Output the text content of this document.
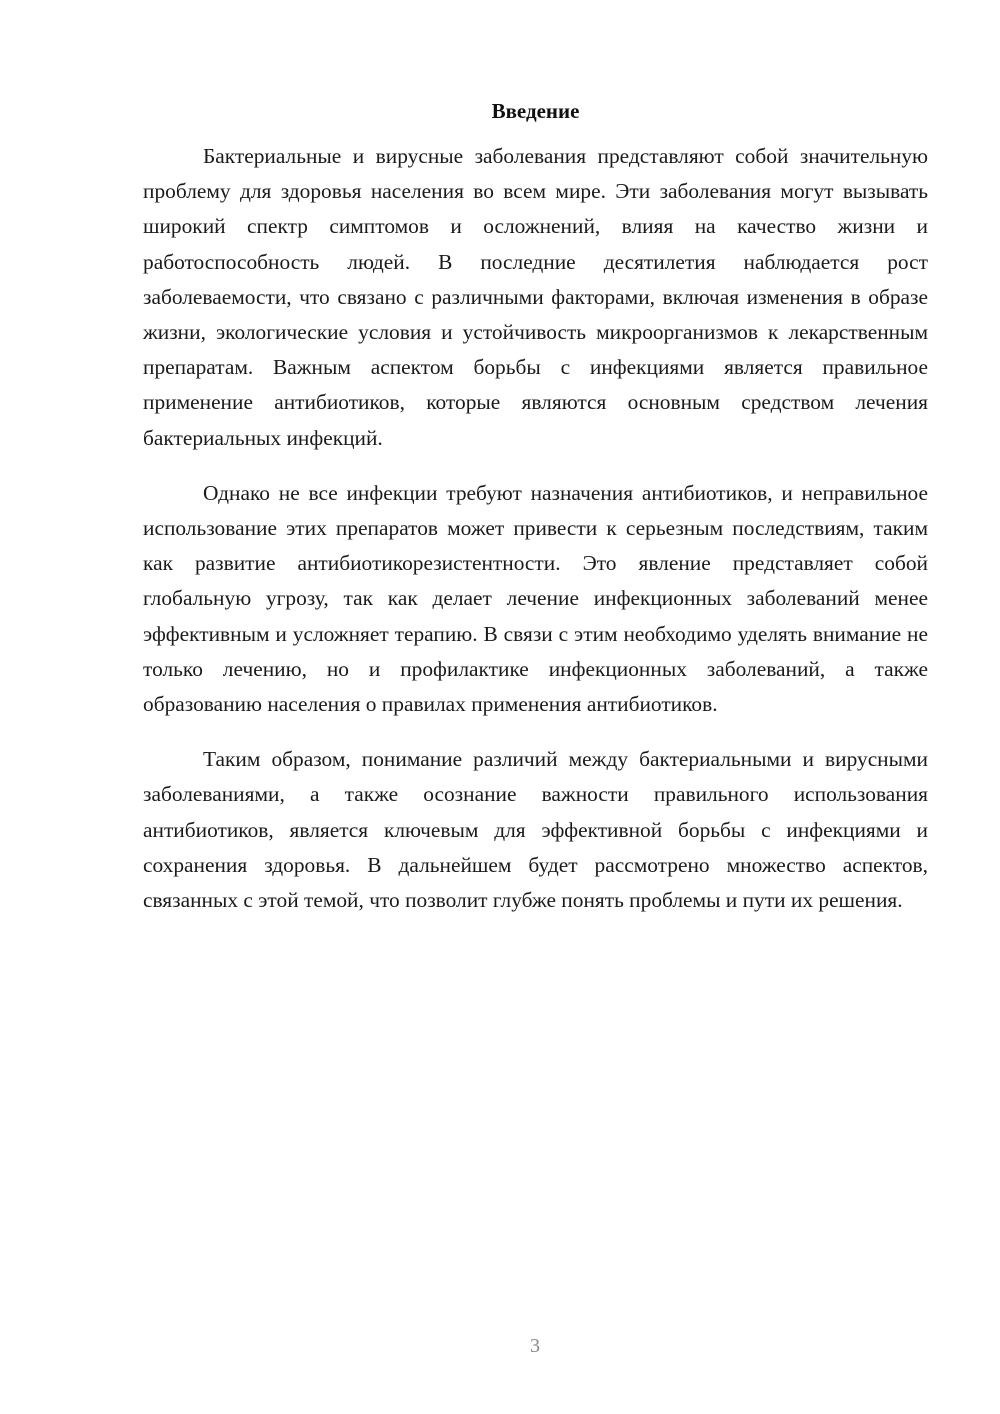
Введение

Бактериальные и вирусные заболевания представляют собой значительную проблему для здоровья населения во всем мире. Эти заболевания могут вызывать широкий спектр симптомов и осложнений, влияя на качество жизни и работоспособность людей. В последние десятилетия наблюдается рост заболеваемости, что связано с различными факторами, включая изменения в образе жизни, экологические условия и устойчивость микроорганизмов к лекарственным препаратам. Важным аспектом борьбы с инфекциями является правильное применение антибиотиков, которые являются основным средством лечения бактериальных инфекций.

Однако не все инфекции требуют назначения антибиотиков, и неправильное использование этих препаратов может привести к серьезным последствиям, таким как развитие антибиотикорезистентности. Это явление представляет собой глобальную угрозу, так как делает лечение инфекционных заболеваний менее эффективным и усложняет терапию. В связи с этим необходимо уделять внимание не только лечению, но и профилактике инфекционных заболеваний, а также образованию населения о правилах применения антибиотиков.

Таким образом, понимание различий между бактериальными и вирусными заболеваниями, а также осознание важности правильного использования антибиотиков, является ключевым для эффективной борьбы с инфекциями и сохранения здоровья. В дальнейшем будет рассмотрено множество аспектов, связанных с этой темой, что позволит глубже понять проблемы и пути их решения.

3
